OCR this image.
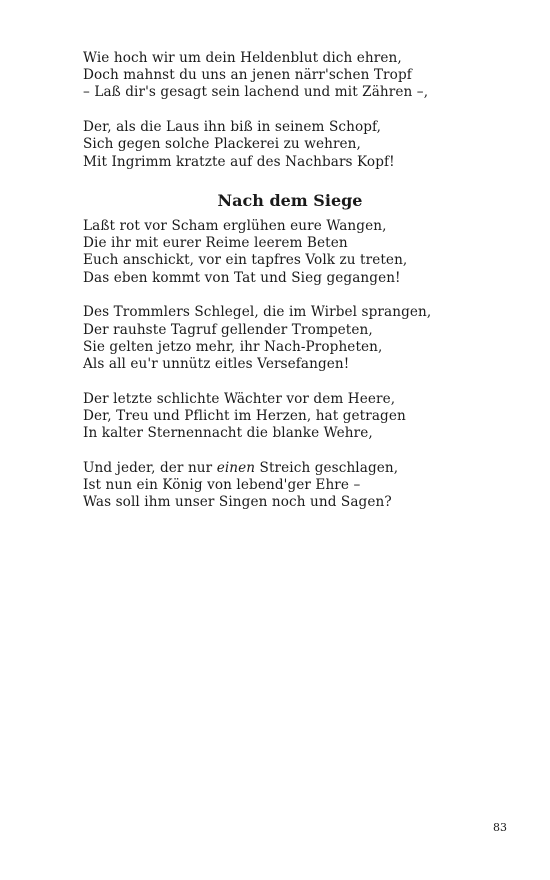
Wie hoch wir um dein Heldenblut dich ehren,
Doch mahnst du uns an jenen närr'schen Tropf
– Laß dir's gesagt sein lachend und mit Zähren –,
Der, als die Laus ihn biß in seinem Schopf,
Sich gegen solche Plackerei zu wehren,
Mit Ingrimm kratzte auf des Nachbars Kopf!
Nach dem Siege
Laßt rot vor Scham erglühen eure Wangen,
Die ihr mit eurer Reime leerem Beten
Euch anschickt, vor ein tapfres Volk zu treten,
Das eben kommt von Tat und Sieg gegangen!
Des Trommlers Schlegel, die im Wirbel sprangen,
Der rauhste Tagruf gellender Trompeten,
Sie gelten jetzo mehr, ihr Nach-Propheten,
Als all eu'r unnütz eitles Versefangen!
Der letzte schlichte Wächter vor dem Heere,
Der, Treu und Pflicht im Herzen, hat getragen
In kalter Sternennacht die blanke Wehre,
Und jeder, der nur einen Streich geschlagen,
Ist nun ein König von lebend'ger Ehre –
Was soll ihm unser Singen noch und Sagen?
83
